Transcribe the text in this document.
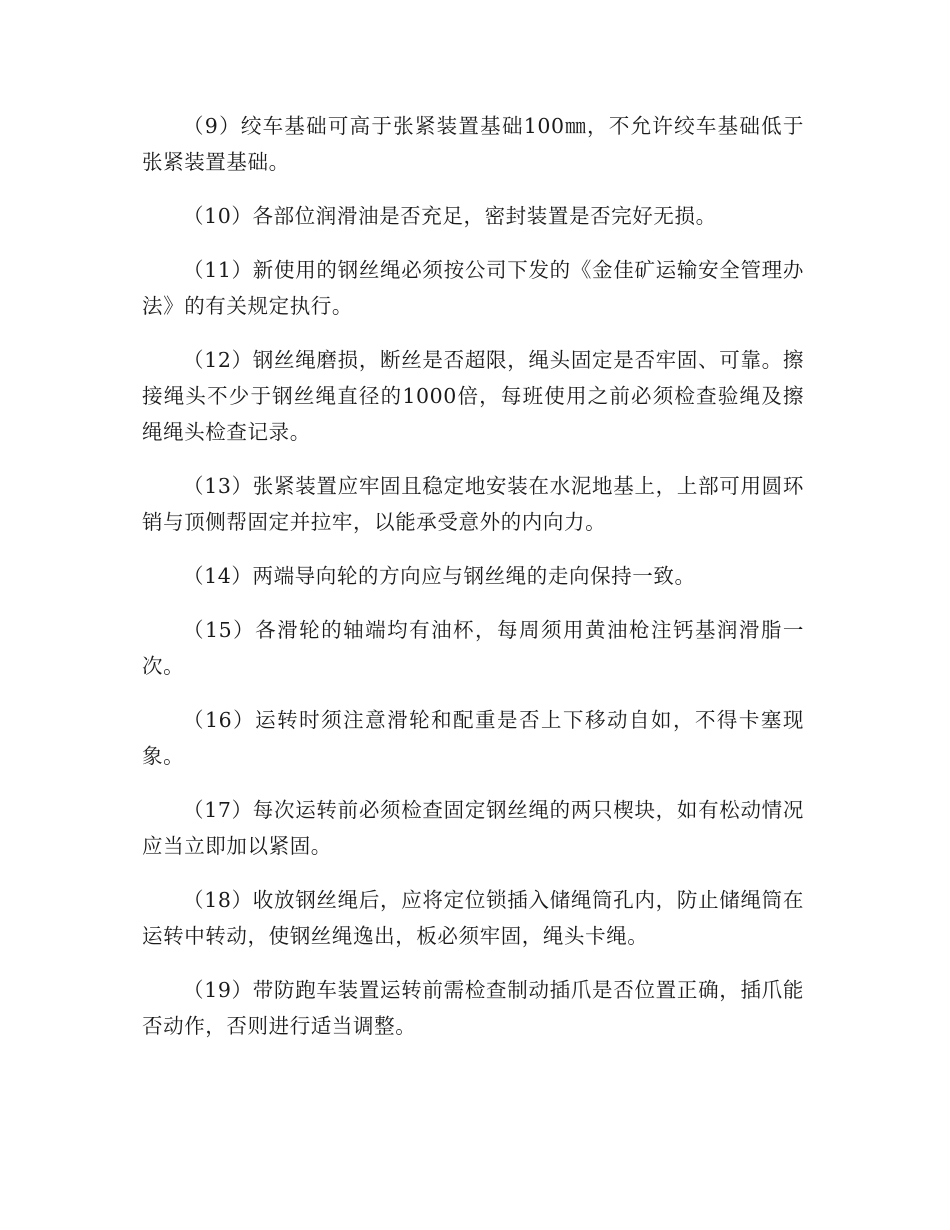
（9）绞车基础可高于张紧装置基础100㎜，不允许绞车基础低于张紧装置基础。

（10）各部位润滑油是否充足，密封装置是否完好无损。

（11）新使用的钢丝绳必须按公司下发的《金佳矿运输安全管理办法》的有关规定执行。

（12）钢丝绳磨损，断丝是否超限，绳头固定是否牢固、可靠。擦接绳头不少于钢丝绳直径的1000倍，每班使用之前必须检查验绳及擦绳绳头检查记录。

（13）张紧装置应牢固且稳定地安装在水泥地基上，上部可用圆环销与顶侧帮固定并拉牢，以能承受意外的内向力。

（14）两端导向轮的方向应与钢丝绳的走向保持一致。

（15）各滑轮的轴端均有油杯，每周须用黄油枪注钙基润滑脂一次。

（16）运转时须注意滑轮和配重是否上下移动自如，不得卡塞现象。

（17）每次运转前必须检查固定钢丝绳的两只楔块，如有松动情况应当立即加以紧固。

（18）收放钢丝绳后，应将定位锁插入储绳筒孔内，防止储绳筒在运转中转动，使钢丝绳逸出，板必须牢固，绳头卡绳。

（19）带防跑车装置运转前需检查制动插爪是否位置正确，插爪能否动作，否则进行适当调整。
